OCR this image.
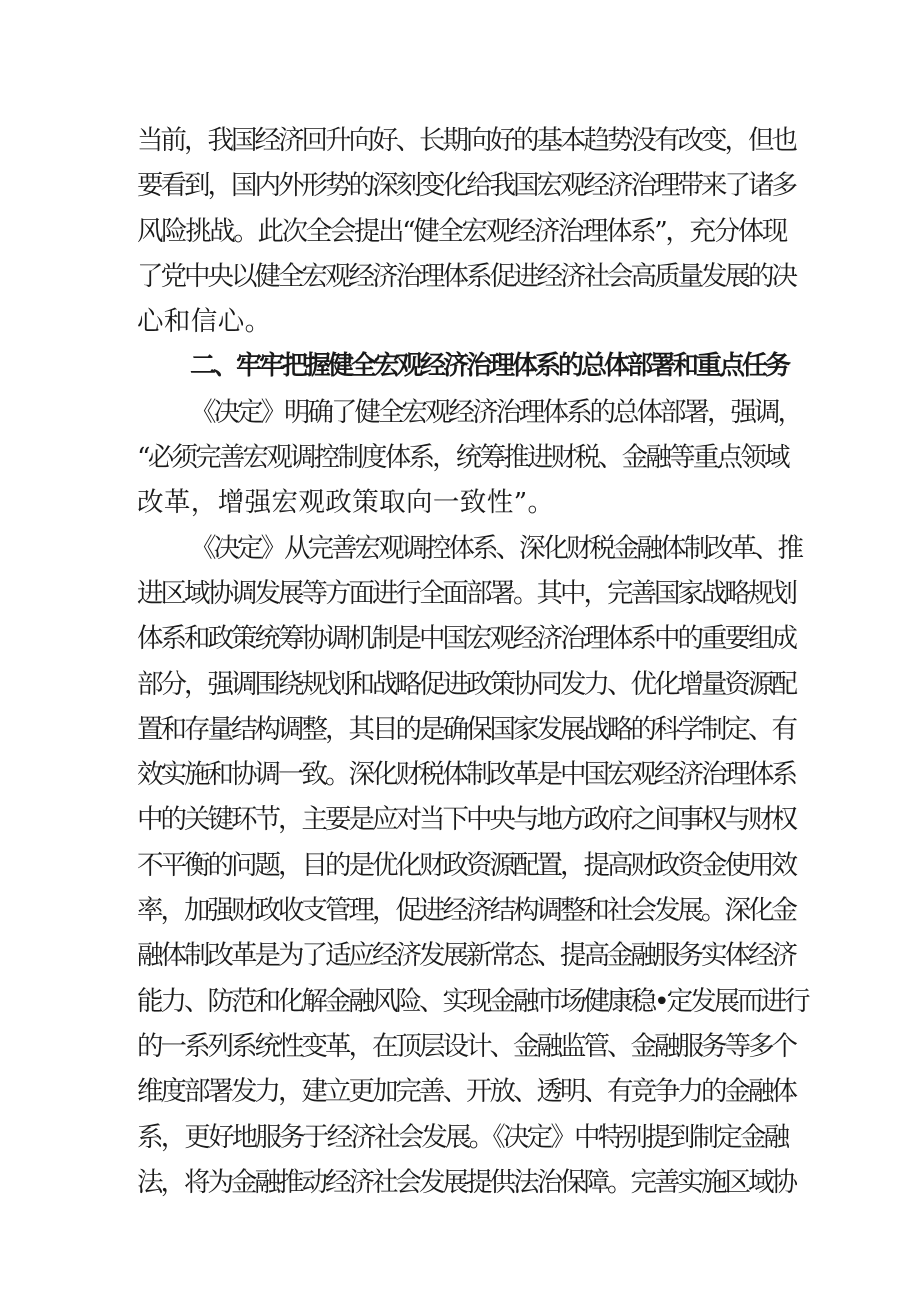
当前，我国经济回升向好、长期向好的基本趋势没有改变，但也
要看到，国内外形势的深刻变化给我国宏观经济治理带来了诸多
风险挑战。此次全会提出“健全宏观经济治理体系”，充分体现
了党中央以健全宏观经济治理体系促进经济社会高质量发展的决
心和信心。
二、牢牢把握健全宏观经济治理体系的总体部署和重点任务
《决定》明确了健全宏观经济治理体系的总体部署，强调，
“必须完善宏观调控制度体系，统筹推进财税、金融等重点领域
改革，增强宏观政策取向一致性”。
《决定》从完善宏观调控体系、深化财税金融体制改革、推
进区域协调发展等方面进行全面部署。其中，完善国家战略规划
体系和政策统筹协调机制是中国宏观经济治理体系中的重要组成
部分，强调围绕规划和战略促进政策协同发力、优化增量资源配
置和存量结构调整，其目的是确保国家发展战略的科学制定、有
效实施和协调一致。深化财税体制改革是中国宏观经济治理体系
中的关键环节，主要是应对当下中央与地方政府之间事权与财权
不平衡的问题，目的是优化财政资源配置，提高财政资金使用效
率，加强财政收支管理，促进经济结构调整和社会发展。深化金
融体制改革是为了适应经济发展新常态、提高金融服务实体经济
能力、防范和化解金融风险、实现金融市场健康稳•定发展而进行
的一系列系统性变革，在顶层设计、金融监管、金融服务等多个
维度部署发力，建立更加完善、开放、透明、有竞争力的金融体
系，更好地服务于经济社会发展。《决定》中特别提到制定金融
法，将为金融推动经济社会发展提供法治保障。完善实施区域协
